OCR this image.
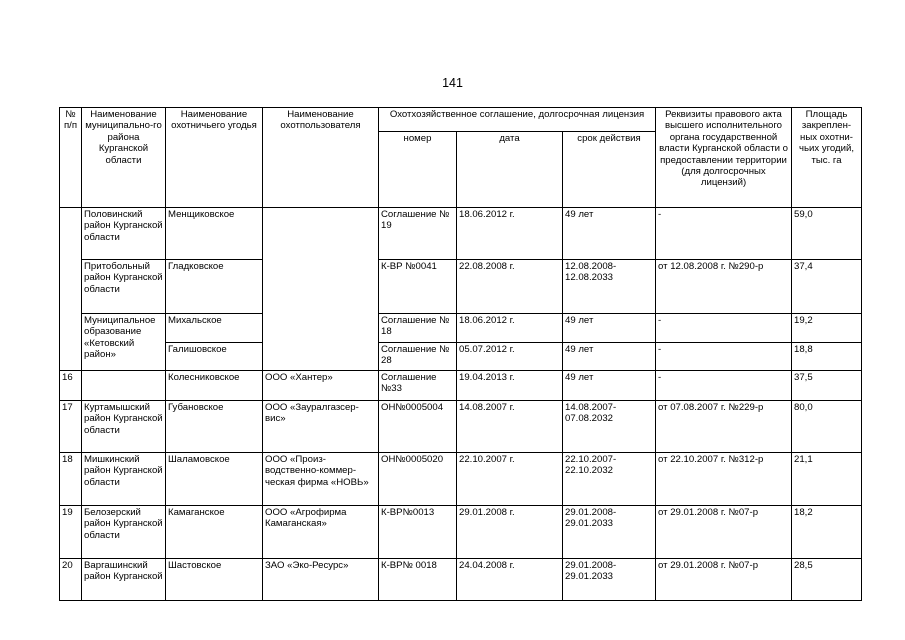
141
№ п/п	Наименование муниципально-го района Курганской области	Наименование охотничьего угодья	Наименование охотпользователя	Охотхозяйственное соглашение, долгосрочная лицензия			Реквизиты правового акта высшего исполнительного органа государственной власти Курганской области о предоставлении территории (для долгосрочных лицензий)	Площадь закреплен-ных охотни-чьих угодий, тыс. га
				номер	дата	срок действия		
	Половинский район Курганской области	Менщиковское		Соглашение № 19	18.06.2012 г.	49 лет	-	59,0
	Притобольный район Курганской области	Гладковское		К-ВР №0041	22.08.2008 г.	12.08.2008-12.08.2033	от 12.08.2008 г. №290-р	37,4
	Муниципальное образование «Кетовский район»	Михальское		Соглашение № 18	18.06.2012 г.	49 лет	-	19,2
		Галишовское		Соглашение № 28	05.07.2012 г.	49 лет	-	18,8
16		Колесниковское	ООО «Хантер»	Соглашение №33	19.04.2013 г.	49 лет	-	37,5
17	Куртамышский район Курганской области	Губановское	ООО «Зауралгазсер-вис»	ОН№0005004	14.08.2007 г.	14.08.2007-07.08.2032	от 07.08.2007 г. №229-р	80,0
18	Мишкинский район Курганской области	Шаламовское	ООО «Произ-водственно-коммер-ческая фирма «НОВЬ»	ОН№0005020	22.10.2007 г.	22.10.2007-22.10.2032	от 22.10.2007 г. №312-р	21,1
19	Белозерский район Курганской области	Камаганское	ООО «Агрофирма Камаганская»	К-ВР№0013	29.01.2008 г.	29.01.2008-29.01.2033	от 29.01.2008 г. №07-р	18,2
20	Варгашинский район Курганской	Шастовское	ЗАО «Эко-Ресурс»	К-ВР№ 0018	24.04.2008 г.	29.01.2008-29.01.2033	от 29.01.2008 г. №07-р	28,5
